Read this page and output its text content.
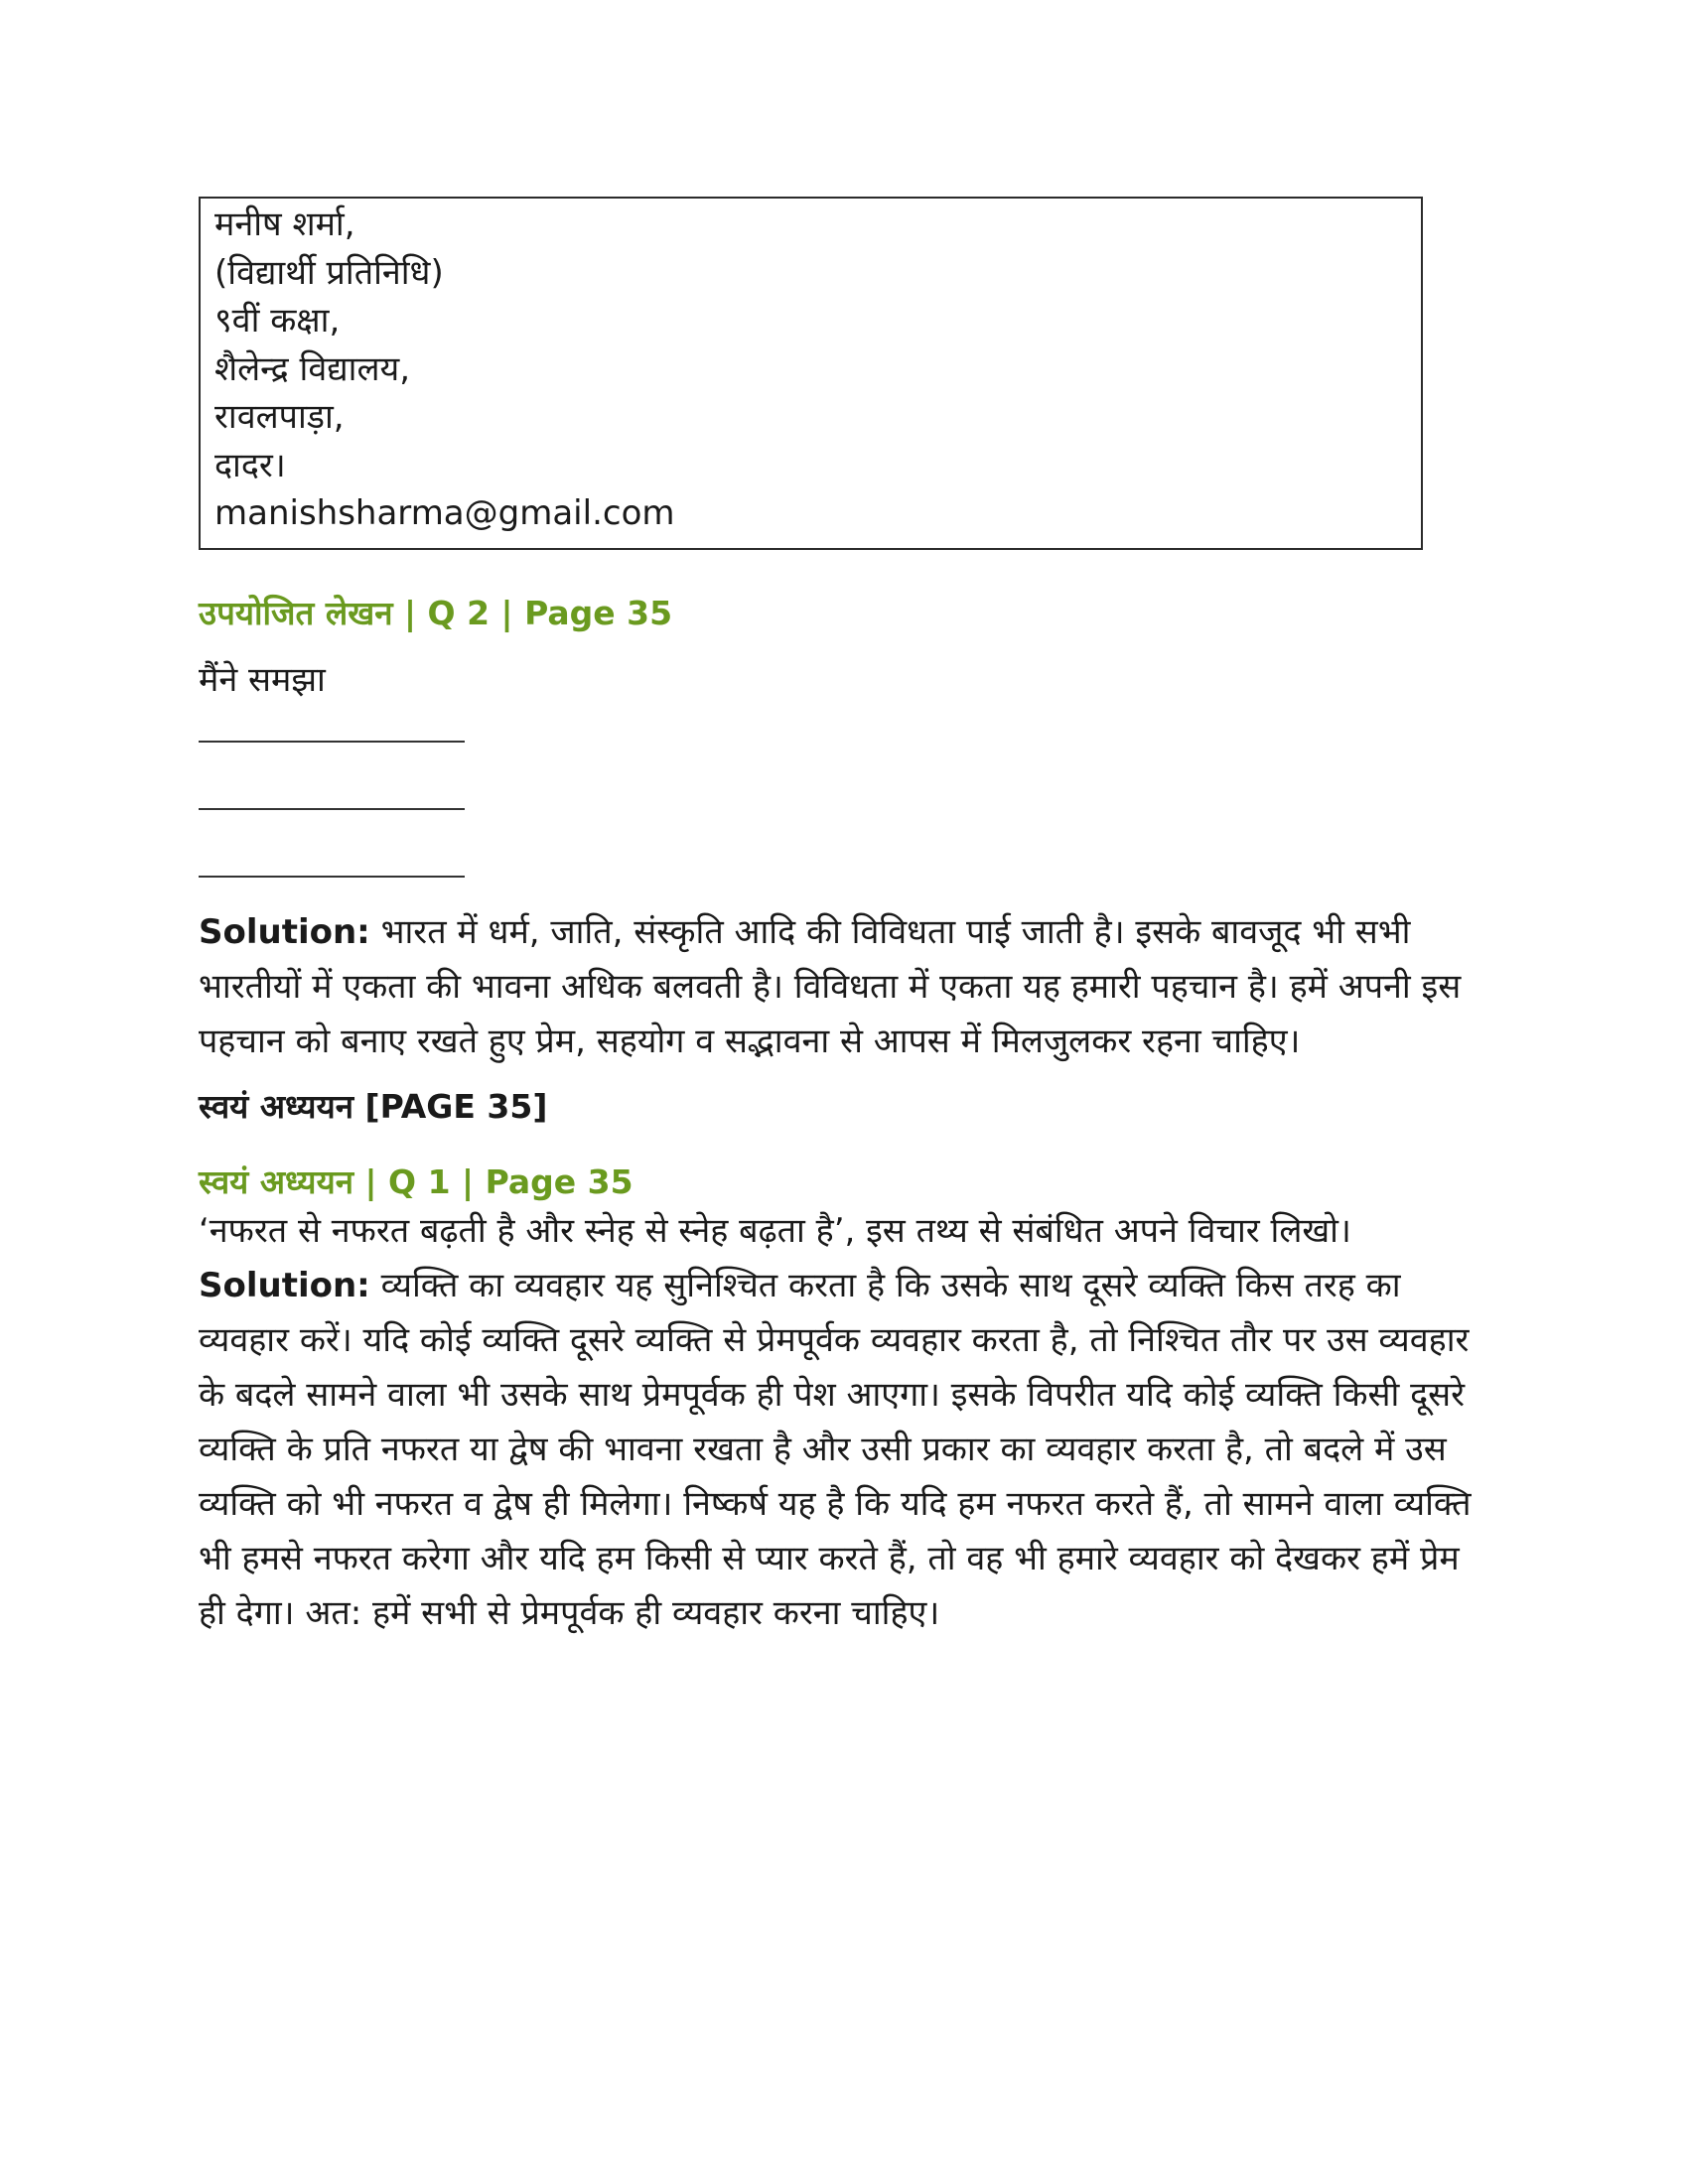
मनीष शर्मा,
(विद्यार्थी प्रतिनिधि)
९वीं कक्षा,
शैलेन्द्र विद्यालय,
रावलपाड़ा,
दादर।
manishsharma@gmail.com
उपयोजित लेखन | Q 2 | Page 35
मैंने समझा

Solution: भारत में धर्म, जाति, संस्कृति आदि की विविधता पाई जाती है। इसके बावजूद भी सभी भारतीयों में एकता की भावना अधिक बलवती है। विविधता में एकता यह हमारी पहचान है। हमें अपनी इस पहचान को बनाए रखते हुए प्रेम, सहयोग व सद्भावना से आपस में मिलजुलकर रहना चाहिए।

स्वयं अध्ययन [PAGE 35]
स्वयं अध्ययन | Q 1 | Page 35

‘नफरत से नफरत बढ़ती है और स्नेह से स्नेह बढ़ता है’, इस तथ्य से संबंधित अपने विचार लिखो।

Solution: व्यक्ति का व्यवहार यह सुनिश्चित करता है कि उसके साथ दूसरे व्यक्ति किस तरह का व्यवहार करें। यदि कोई व्यक्ति दूसरे व्यक्ति से प्रेमपूर्वक व्यवहार करता है, तो निश्चित तौर पर उस व्यवहार के बदले सामने वाला भी उसके साथ प्रेमपूर्वक ही पेश आएगा। इसके विपरीत यदि कोई व्यक्ति किसी दूसरे व्यक्ति के प्रति नफरत या द्वेष की भावना रखता है और उसी प्रकार का व्यवहार करता है, तो बदले में उस व्यक्ति को भी नफरत व द्वेष ही मिलेगा। निष्कर्ष यह है कि यदि हम नफरत करते हैं, तो सामने वाला व्यक्ति भी हमसे नफरत करेगा और यदि हम किसी से प्यार करते हैं, तो वह भी हमारे व्यवहार को देखकर हमें प्रेम ही देगा। अत: हमें सभी से प्रेमपूर्वक ही व्यवहार करना चाहिए।
